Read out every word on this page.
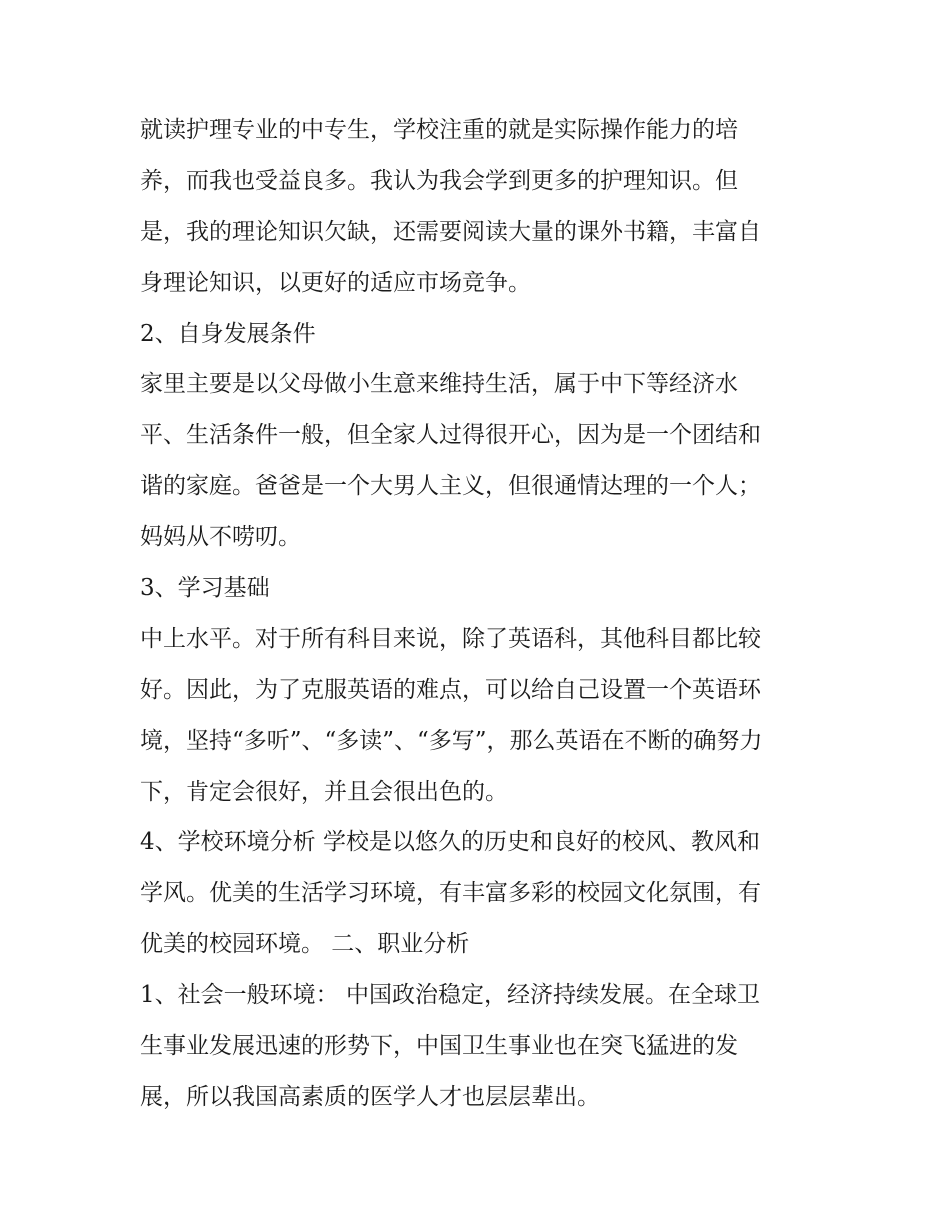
就读护理专业的中专生，学校注重的就是实际操作能力的培
养，而我也受益良多。我认为我会学到更多的护理知识。但
是，我的理论知识欠缺，还需要阅读大量的课外书籍，丰富自
身理论知识，以更好的适应市场竞争。
2、自身发展条件
家里主要是以父母做小生意来维持生活，属于中下等经济水
平、生活条件一般，但全家人过得很开心，因为是一个团结和
谐的家庭。爸爸是一个大男人主义，但很通情达理的一个人；
妈妈从不唠叨。
3、学习基础
中上水平。对于所有科目来说，除了英语科，其他科目都比较
好。因此，为了克服英语的难点，可以给自己设置一个英语环
境，坚持“多听”、“多读”、“多写”，那么英语在不断的确努力
下，肯定会很好，并且会很出色的。
4、学校环境分析 学校是以悠久的历史和良好的校风、教风和
学风。优美的生活学习环境，有丰富多彩的校园文化氛围，有
优美的校园环境。 二、职业分析
1、社会一般环境： 中国政治稳定，经济持续发展。在全球卫
生事业发展迅速的形势下，中国卫生事业也在突飞猛进的发
展，所以我国高素质的医学人才也层层辈出。
